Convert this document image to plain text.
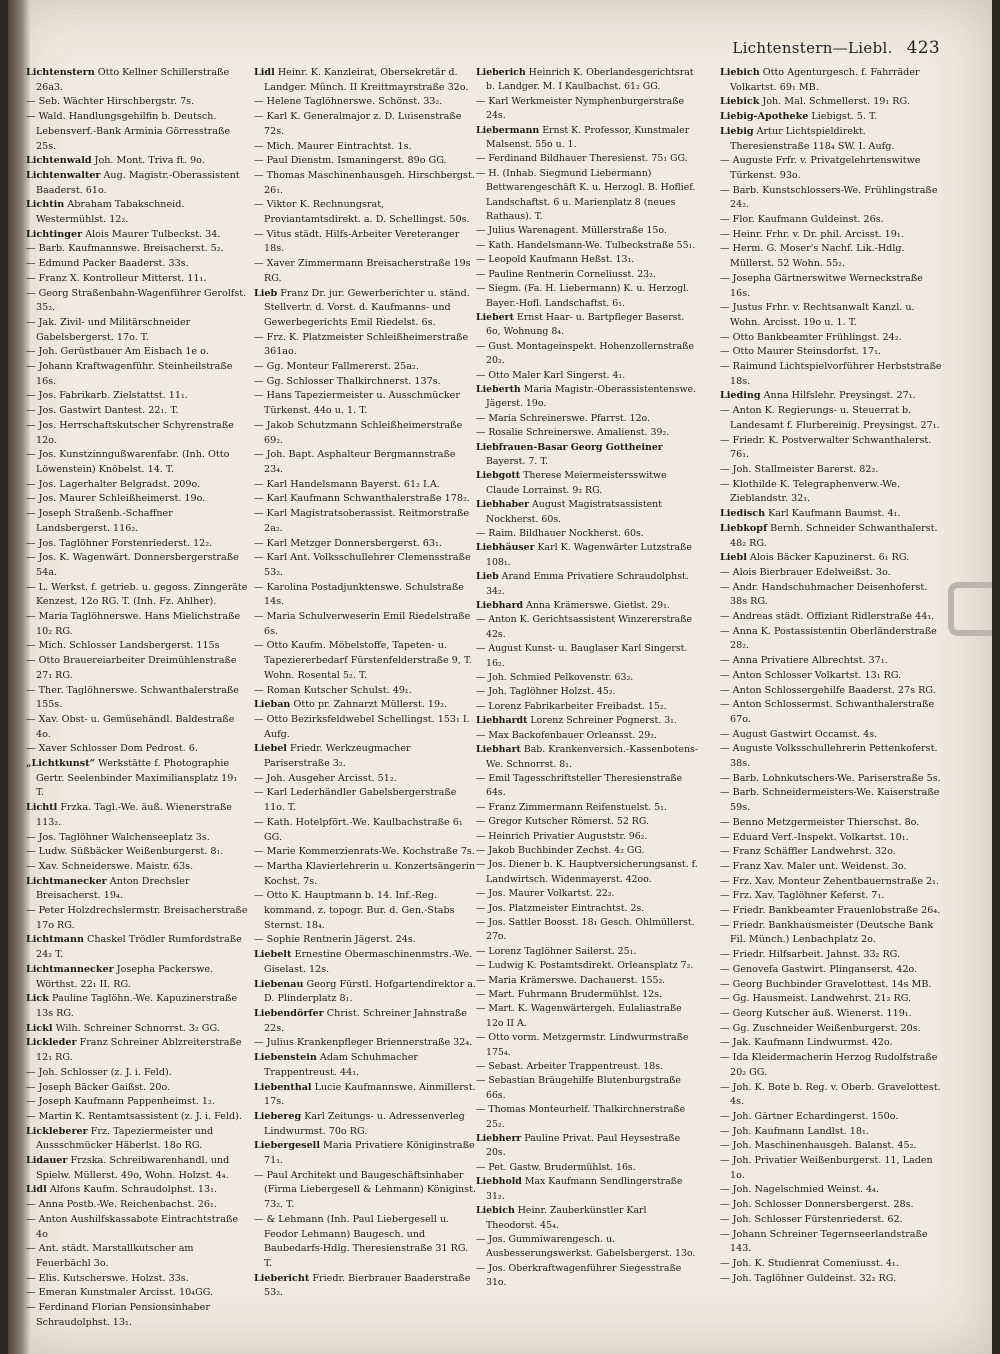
Lichtenstern—Liebl. 423
Lichtenstern Otto Kellner Schillerstraße 26a3.
— Seb. Wächter Hirschbergstr. 7s.
— Wald. Handlungsgehilfin b. Deutsch. Lebensverf.-Bank Arminia Görresstraße 25s.
Lichtenwald Joh. Mont. Triva ft. 9o.
Lichtenwalter Aug. Magistr.-Oberassistent Baaderst. 61o.
Lichtin Abraham Tabakschneid. Westermühlst. 12₂.
Lichtinger Alois Maurer Tulbeckst. 34.
— Barb. Kaufmannswe. Breisacherst. 5₂.
— Edmund Packer Baaderst. 33s.
— Franz X. Kontrolleur Mitterst. 11₁.
— Georg Straßenbahn-Wagenführer Gerolfst. 35₂.
— Jak. Zivil- und Militärschneider Gabelsbergerst. 17o. T.
— Joh. Gerüstbauer Am Eisbach 1e o.
— Johann Kraftwagenführ. Steinheilstraße 16s.
— Jos. Fabrikarb. Zielstattst. 11₁.
— Jos. Gastwirt Dantest. 22₁. T.
— Jos. Herrschaftskutscher Schyrenstraße 12o.
— Jos. Kunstzinngußwarenfabr. (Inh. Otto Löwenstein) Knöbelst. 14. T.
— Jos. Lagerhalter Belgradst. 209o.
— Jos. Maurer Schleißheimerst. 19o.
— Joseph Straßenb.-Schaffner Landsbergerst. 116₂.
— Jos. Taglöhner Forstenriederst. 12₂.
— Jos. K. Wagenwärt. Donnersbergerstraße 54a.
— L. Werkst. f. getrieb. u. gegoss. Zinngeräte Kenzest. 12o RG. T. (Inh. Fz. Ahlher).
— Maria Taglöhnerswe. Hans Mielichstraße 10₂ RG.
— Mich. Schlosser Landsbergerst. 115s
— Otto Brauereiarbeiter Dreimühlenstraße 27₁ RG.
— Ther. Taglöhnerswe. Schwanthalerstraße 155s.
— Xav. Obst- u. Gemüsehändl. Baldestraße 4o.
— Xaver Schlosser Dom Pedrost. 6.
„Lichtkunst“ Werkstätte f. Photographie Gertr. Seelenbinder Maximiliansplatz 19₁ T.
Lichtl Frzka. Tagl.-We. äuß. Wienerstraße 113₂.
— Jos. Taglöhner Walchenseeplatz 3s.
— Ludw. Süßbäcker Weißenburgerst. 8₁.
— Xav. Schneiderswe. Maistr. 63s.
Lichtmanecker Anton Drechsler Breisacherst. 19₄.
— Peter Holzdrechslermstr. Breisacherstraße 17o RG.
Lichtmann Chaskel Trödler Rumfordstraße 24₂ T.
Lichtmannecker Josepha Packerswe. Wörthst. 22₁ II. RG.
Lick Pauline Taglöhn.-We. Kapuzinerstraße 13s RG.
Lickl Wilh. Schreiner Schnorrst. 3₂ GG.
Lickleder Franz Schreiner Ablzreiterstraße 12₁ RG.
— Joh. Schlosser (z. J. i. Feld).
— Joseph Bäcker Gaißst. 20o.
— Joseph Kaufmann Pappenheimst. 1₂.
— Martin K. Rentamtsassistent (z. J. i. Feld).
Lickleberer Frz. Tapeziermeister und Aussschmücker Häberlst. 18o RG.
Lidauer Frzska. Schreibwarenhandl. und Spielw. Müllerst. 49o, Wohn. Holzst. 4₄.
Lidl Alfons Kaufm. Schraudolphst. 13₁.
— Anna Postb.-We. Reichenbachst. 26₁.
— Anton Aushilfskassabote Eintrachtstraße 4o
— Ant. städt. Marstallkutscher am Feuerbächl 3o.
— Elis. Kutscherswe. Holzst. 33s.
— Emeran Kunstmaler Arcisst. 10₄GG.
— Ferdinand Florian Pensionsinhaber Schraudolphst. 13₁.
Lidl Heinr. K. Kanzleirat, Obersekretär d. Landger. Münch. II Kreittmayrstraße 32o.
— Helene Taglöhnerswe. Schönst. 33₂.
— Karl K. Generalmajor z. D. Luisenstraße 72s.
— Mich. Maurer Eintrachtst. 1s.
— Paul Dienstm. Ismaningerst. 89o GG.
— Thomas Maschinenhausgeh. Hirschbergst. 26₁.
— Viktor K. Rechnungsrat, Proviantamtsdirekt. a. D. Schellingst. 50s.
— Vitus städt. Hilfs-Arbeiter Vereteranger 18s.
— Xaver Zimmermann Breisacherstraße 19s RG.
Lieb Franz Dr. jur. Gewerberichter u. ständ. Stellvertr. d. Vorst. d. Kaufmanns- und Gewerbegerichts Emil Riedelst. 6s.
— Frz. K. Platzmeister Schleißheimerstraße 361ao.
— Gg. Monteur Fallmererst. 25a₂.
— Gg. Schlosser Thalkirchnerst. 137s.
— Hans Tapeziermeister u. Ausschmücker Türkenst. 44o u. 1. T.
— Jakob Schutzmann Schleißheimerstraße 69₂.
— Joh. Bapt. Asphalteur Bergmannstraße 23₄.
— Karl Handelsmann Bayerst. 61₂ I.A.
— Karl Kaufmann Schwanthalerstraße 178₂.
— Karl Magistratsoberassist. Reitmorstraße 2a₂.
— Karl Metzger Donnersbergerst. 63₁.
— Karl Ant. Volksschullehrer Clemensstraße 53₂.
— Karolina Postadjunktenswe. Schulstraße 14s.
— Maria Schulverweserin Emil Riedelstraße 6s.
— Otto Kaufm. Möbelstoffe, Tapeten- u. Tapeziererbedarf Fürstenfelderstraße 9, T. Wohn. Rosental 5₂. T.
— Roman Kutscher Schulst. 49₁.
Lieban Otto pr. Zahnarzt Müllerst. 19₂.
— Otto Bezirksfeldwebel Schellingst. 153₁ I. Aufg.
Liebel Friedr. Werkzeugmacher Pariserstraße 3₂.
— Joh. Ausgeher Arcisst. 51₂.
— Karl Lederhändler Gabelsbergerstraße 11o. T.
— Kath. Hotelpfört.-We. Kaulbachstraße 6₁ GG.
— Marie Kommerzienrats-We. Kochstraße 7s.
— Martha Klavierlehrerin u. Konzertsängerin Kochst. 7s.
— Otto K. Hauptmann b. 14. Inf.-Reg. kommand. z. topogr. Bur. d. Gen.-Stabs Sternst. 18₄.
— Sophie Rentnerin Jägerst. 24s.
Liebelt Ernestine Obermaschinenmstrs.-We. Giselast. 12s.
Liebenau Georg Fürstl. Hofgartendirektor a. D. Plinderplatz 8₁.
Liebendörfer Christ. Schreiner Jahnstraße 22s.
— Julius Krankenpfleger Briennerstraße 32₄.
Liebenstein Adam Schuhmacher Trappentreust. 44₁.
Liebenthal Lucie Kaufmannswe. Ainmillerst. 17s.
Liebereg Karl Zeitungs- u. Adressenverleg Lindwurmst. 70o RG.
Liebergesell Maria Privatiere Königinstraße 71₁.
— Paul Architekt und Baugeschäftsinhaber (Firma Liebergesell & Lehmann) Königinst. 73₂. T.
— & Lehmann (Inh. Paul Liebergesell u. Feodor Lehmann) Baugesch. und Baubedarfs-Hdlg. Theresienstraße 31 RG. T.
Liebericht Friedr. Bierbrauer Baaderstraße 53₂.
Lieberich Heinrich K. Oberlandesgerichtsrat b. Landger. M. I Kaulbachst. 61₂ GG.
— Karl Werkmeister Nymphenburgerstraße 24s.
Liebermann Ernst K. Professor, Kunstmaler Malsenst. 55o u. 1.
— Ferdinand Bildhauer Theresienst. 75₁ GG.
— H. (Inhab. Siegmund Liebermann) Bettwarengeschäft K. u. Herzogl. B. Hoflief. Landschaftst. 6 u. Marienplatz 8 (neues Rathaus). T.
— Julius Warenagent. Müllerstraße 15o.
— Kath. Handelsmann-We. Tulbeckstraße 55₁.
— Leopold Kaufmann Heßst. 13₁.
— Pauline Rentnerin Corneliusst. 23₂.
— Siegm. (Fa. H. Liebermann) K. u. Herzogl. Bayer.-Hofl. Landschaftst. 6₁.
Liebert Ernst Haar- u. Bartpfleger Baserst. 6o, Wohnung 8₄.
— Gust. Montageinspekt. Hohenzollernstraße 20₂.
— Otto Maler Karl Singerst. 4₁.
Lieberth Maria Magistr.-Oberassistentenswe. Jägerst. 19o.
— Maria Schreinerswe. Pfarrst. 12o.
— Rosalie Schreinerswe. Amalienst. 39₂.
Liebfrauen-Basar Georg Gottheiner Bayerst. 7. T.
Liebgott Therese Meiermeistersswitwe Claude Lorrainst. 9₂ RG.
Liebhaber August Magistratsassistent Nockherst. 60s.
— Raim. Bildhauer Nockherst. 60s.
Liebhäuser Karl K. Wagenwärter Lutzstraße 108₁.
Lieb Arand Emma Privatiere Schraudolphst. 34₂.
Liebhard Anna Krämerswe. Gietlst. 29₁.
— Anton K. Gerichtsassistent Winzererstraße 42s.
— August Kunst- u. Bauglaser Karl Singerst. 16₂.
— Joh. Schmied Pelkovenstr. 63₂.
— Joh. Taglöhner Holzst. 45₂.
— Lorenz Fabrikarbeiter Freibadst. 15₂.
Liebhardt Lorenz Schreiner Pognerst. 3₁.
— Max Backofenbauer Orleansst. 29₂.
Liebhart Bab. Krankenversich.-Kassenbotens-We. Schnorrst. 8₁.
— Emil Tagesschriftsteller Theresienstraße 64s.
— Franz Zimmermann Reifenstuelst. 5₁.
— Gregor Kutscher Römerst. 52 RG.
— Heinrich Privatier Auguststr. 96₂.
— Jakob Buchbinder Zechst. 4₂ GG.
— Jos. Diener b. K. Hauptversicherungsanst. f. Landwirtsch. Widenmayerst. 42oo.
— Jos. Maurer Volkartst. 22₂.
— Jos. Platzmeister Eintrachtst. 2s.
— Jos. Sattler Boosst. 18₁ Gesch. Ohlmüllerst. 27o.
— Lorenz Taglöhner Sailerst. 25₁.
— Ludwig K. Postamtsdirekt. Orleansplatz 7₂.
— Maria Krämerswe. Dachauerst. 155₂.
— Mart. Fuhrmann Brudermühlst. 12s.
— Mart. K. Wagenwärtergeh. Eulaliastraße 12o II A.
— Otto vorm. Metzgermstr. Lindwurmstraße 175₄.
— Sebast. Arbeiter Trappentreust. 18s.
— Sebastian Bräugehilfe Blutenburgstraße 66s.
— Thomas Monteurhelf. Thalkirchnerstraße 25₂.
Liebherr Pauline Privat. Paul Heysestraße 20s.
— Pet. Gastw. Brudermühlst. 16s.
Liebhold Max Kaufmann Sendlingerstraße 31₂.
Liebich Heinr. Zauberkünstler Karl Theodorst. 45₄.
— Jos. Gummiwarengesch. u. Ausbesserungswerkst. Gabelsbergerst. 13o.
— Jos. Oberkraftwagenführer Siegesstraße 31o.
Liebich Otto Agenturgesch. f. Fahrräder Volkartst. 69₁ MB.
Liebick Joh. Mal. Schmellerst. 19₁ RG.
Liebig-Apotheke Liebigst. 5. T.
Liebig Artur Lichtspieldirekt. Theresienstraße 118₄ SW. I. Aufg.
— Auguste Frfr. v. Privatgelehrtenswitwe Türkenst. 93o.
— Barb. Kunstschlossers-We. Frühlingstraße 24₂.
— Flor. Kaufmann Guldeinst. 26s.
— Heinr. Frhr. v. Dr. phil. Arcisst. 19₁.
— Herm. G. Moser's Nachf. Lik.-Hdlg. Müllerst. 52 Wohn. 55₂.
— Josepha Gärtnerswitwe Werneckstraße 16s.
— Justus Frhr. v. Rechtsanwalt Kanzl. u. Wohn. Arcisst. 19o u. 1. T.
— Otto Bankbeamter Frühlingst. 24₂.
— Otto Maurer Steinsdorfst. 17₁.
— Raimund Lichtspielvorführer Herbststraße 18s.
Lieding Anna Hilfslehr. Preysingst. 27₁.
— Anton K. Regierungs- u. Steuerrat b. Landesamt f. Flurbereinig. Preysingst. 27₁.
— Friedr. K. Postverwalter Schwanthalerst. 76₁.
— Joh. Stallmeister Barerst. 82₂.
— Klothilde K. Telegraphenverw.-We. Zieblandstr. 32₁.
Liedisch Karl Kaufmann Baumst. 4₁.
Liebkopf Bernh. Schneider Schwanthalerst. 48₂ RG.
Liebl Alois Bäcker Kapuzinerst. 6₁ RG.
— Alois Bierbrauer Edelweißst. 3o.
— Andr. Handschuhmacher Deisenhoferst. 38s RG.
— Andreas städt. Offiziant Ridlerstraße 44₁.
— Anna K. Postassistentin Oberländerstraße 28₂.
— Anna Privatiere Albrechtst. 37₁.
— Anton Schlosser Volkartst. 13₁ RG.
— Anton Schlossergehilfe Baaderst. 27s RG.
— Anton Schlossermst. Schwanthalerstraße 67o.
— August Gastwirt Occamst. 4s.
— Auguste Volksschullehrerin Pettenkoferst. 38s.
— Barb. Lohnkutschers-We. Pariserstraße 5s.
— Barb. Schneidermeisters-We. Kaiserstraße 59s.
— Benno Metzgermeister Thierschst. 8o.
— Eduard Verf.-Inspekt. Volkartst. 10₁.
— Franz Schäffler Landwehrst. 32o.
— Franz Xav. Maler unt. Weidenst. 3o.
— Frz. Xav. Monteur Zehentbauernstraße 2₁.
— Frz. Xav. Taglöhner Keferst. 7₁.
— Friedr. Bankbeamter Frauenlobstraße 26₄.
— Friedr. Bankhausmeister (Deutsche Bank Fil. Münch.) Lenbachplatz 2o.
— Friedr. Hilfsarbeit. Jahnst. 33₂ RG.
— Genovefa Gastwirt. Plinganserst. 42o.
— Georg Buchbinder Gravelottest. 14s MB.
— Gg. Hausmeist. Landwehrst. 21₂ RG.
— Georg Kutscher äuß. Wienerst. 119₁.
— Gg. Zuschneider Weißenburgerst. 20s.
— Jak. Kaufmann Lindwurmst. 42o.
— Ida Kleidermacherin Herzog Rudolfstraße 20₂ GG.
— Joh. K. Bote b. Reg. v. Oberb. Gravelottest. 4s.
— Joh. Gärtner Echardingerst. 150o.
— Joh. Kaufmann Landlst. 18₁.
— Joh. Maschinenhausgeh. Balanst. 45₂.
— Joh. Privatier Weißenburgerst. 11, Laden 1o.
— Joh. Nagelschmied Weinst. 4₄.
— Joh. Schlosser Donnersbergerst. 28s.
— Joh. Schlosser Fürstenriederst. 62.
— Johann Schreiner Tegernseerlandstraße 143.
— Joh. K. Studienrat Comeniusst. 4₁.
— Joh. Taglöhner Guldeinst. 32₂ RG.
